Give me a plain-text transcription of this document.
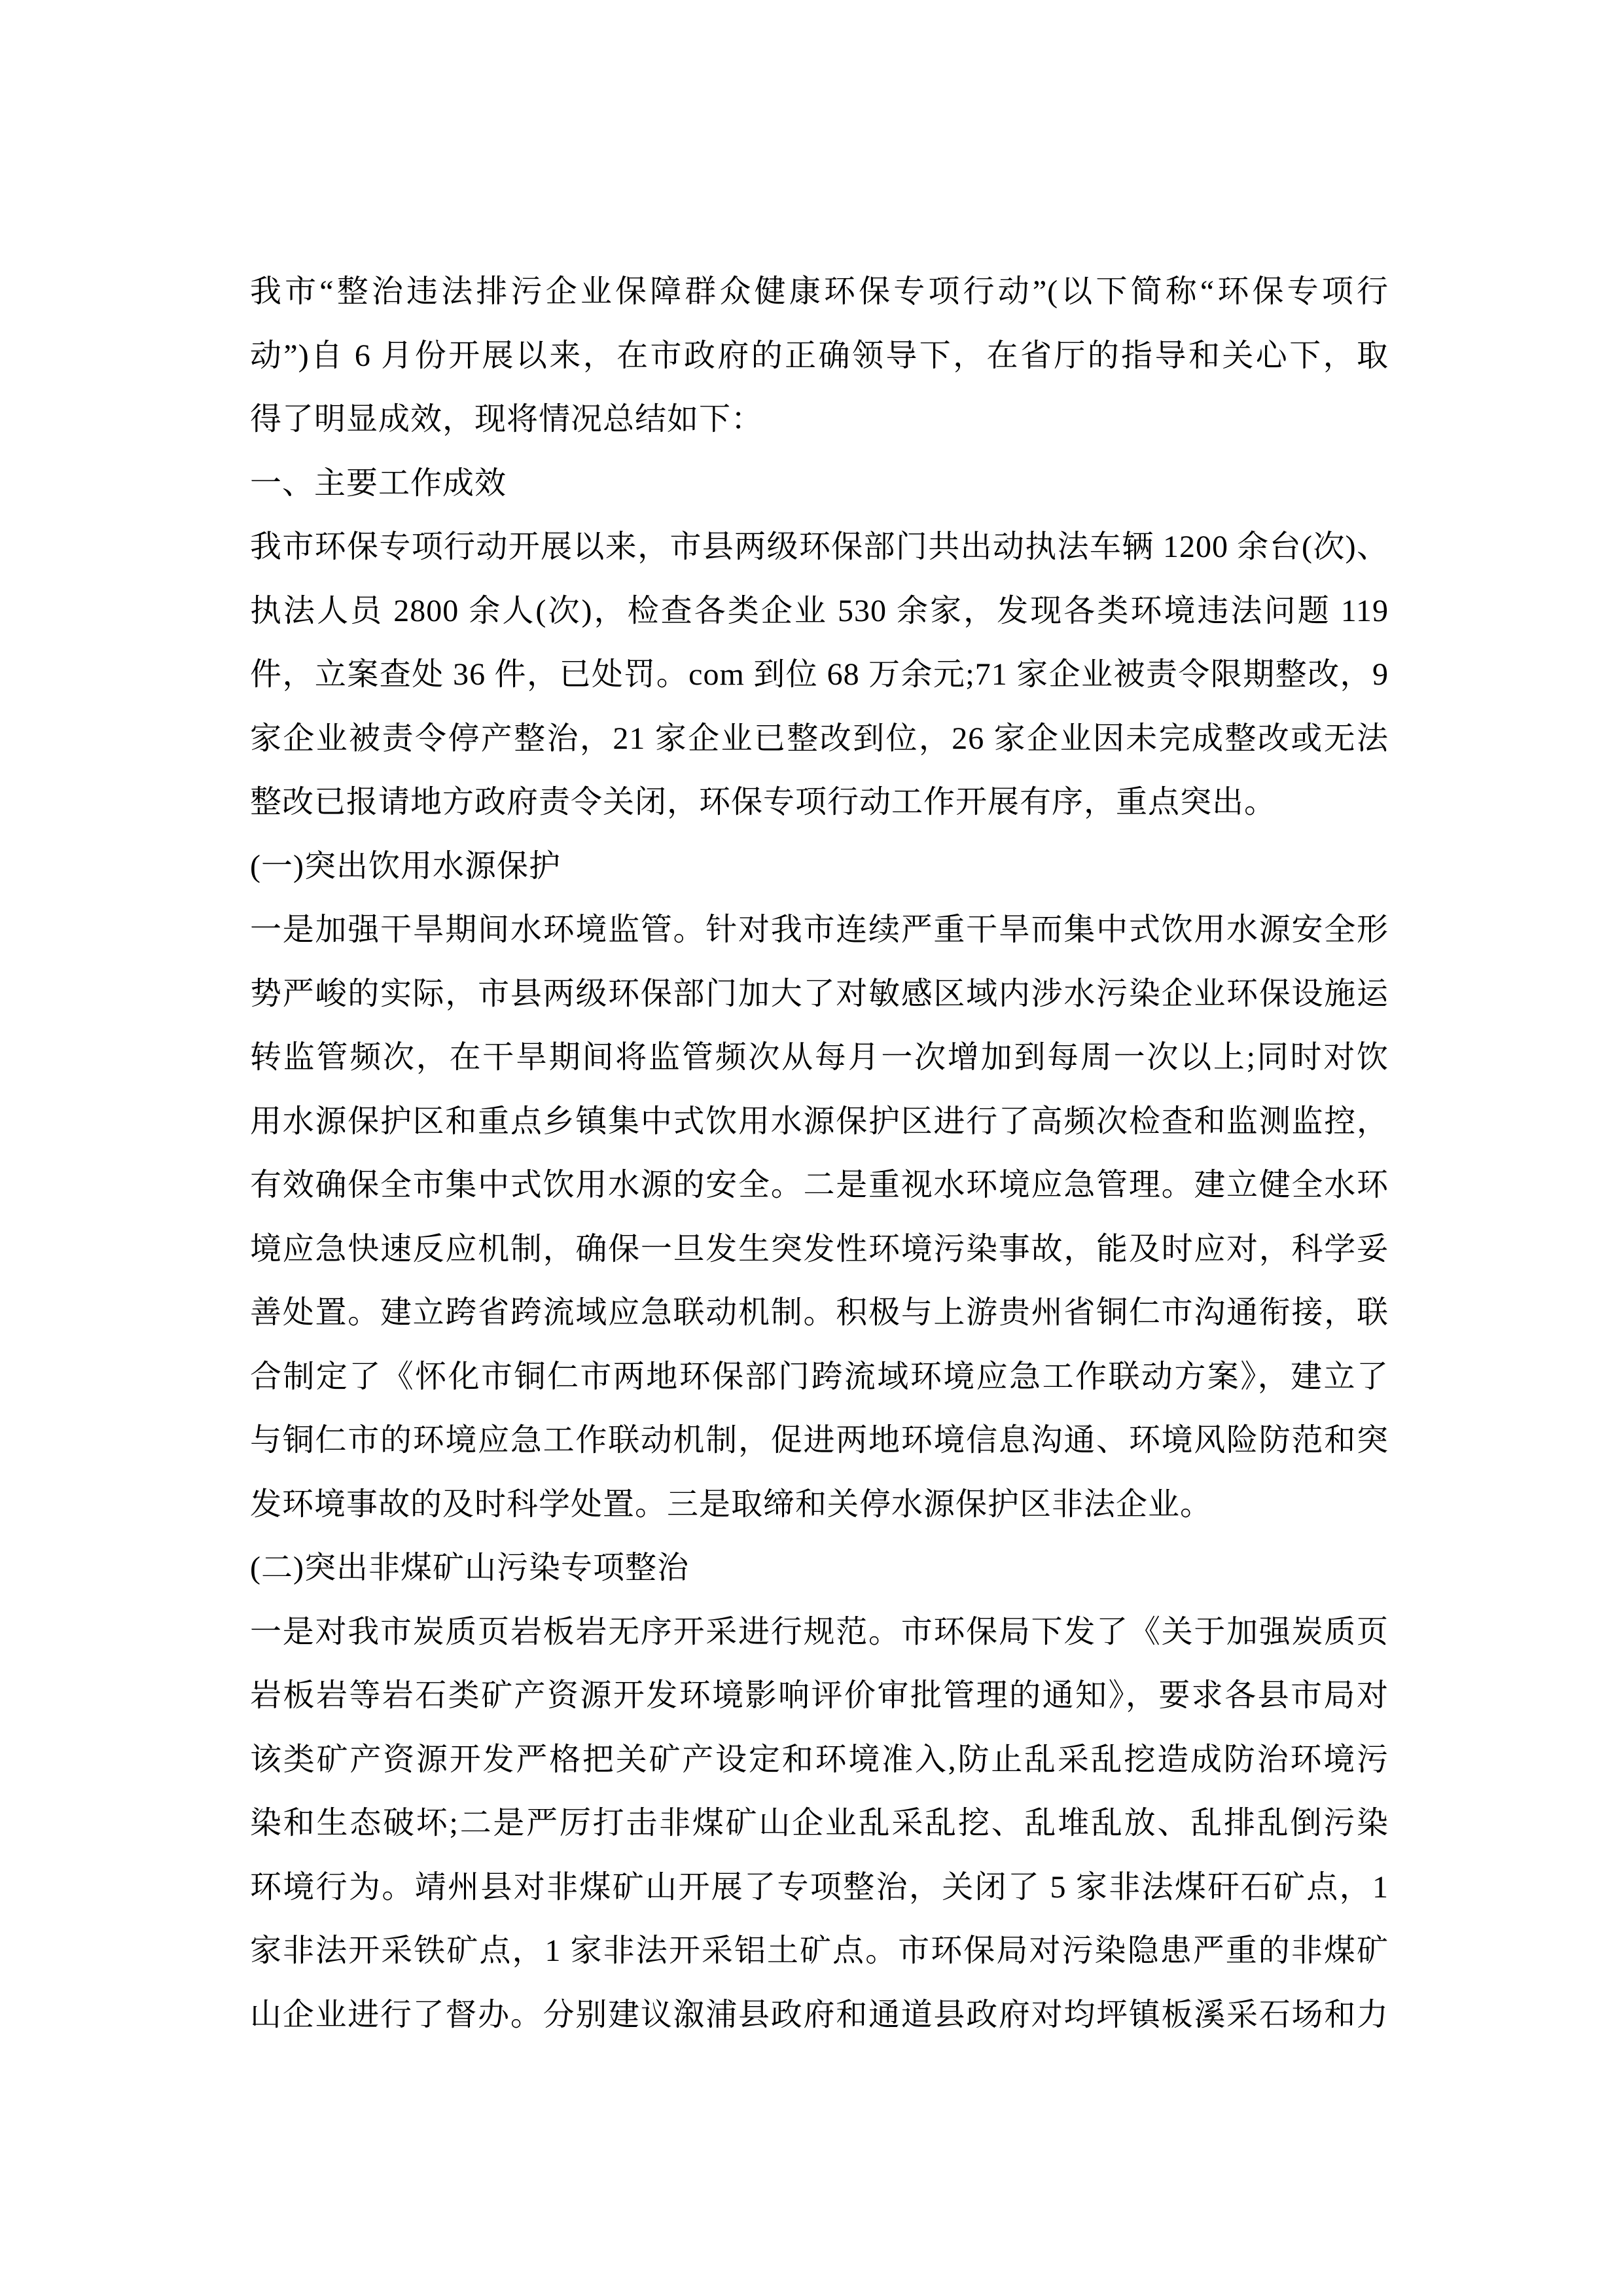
我市“整治违法排污企业保障群众健康环保专项行动”(以下简称“环保专项行
动”)自 6 月份开展以来，在市政府的正确领导下，在省厅的指导和关心下，取
得了明显成效，现将情况总结如下：
一、主要工作成效
我市环保专项行动开展以来，市县两级环保部门共出动执法车辆 1200 余台(次)、
执法人员 2800 余人(次)，检查各类企业 530 余家，发现各类环境违法问题 119
件，立案查处 36 件，已处罚。com 到位 68 万余元;71 家企业被责令限期整改，9
家企业被责令停产整治，21 家企业已整改到位，26 家企业因未完成整改或无法
整改已报请地方政府责令关闭，环保专项行动工作开展有序，重点突出。
(一)突出饮用水源保护
一是加强干旱期间水环境监管。针对我市连续严重干旱而集中式饮用水源安全形
势严峻的实际，市县两级环保部门加大了对敏感区域内涉水污染企业环保设施运
转监管频次，在干旱期间将监管频次从每月一次增加到每周一次以上;同时对饮
用水源保护区和重点乡镇集中式饮用水源保护区进行了高频次检查和监测监控，
有效确保全市集中式饮用水源的安全。二是重视水环境应急管理。建立健全水环
境应急快速反应机制，确保一旦发生突发性环境污染事故，能及时应对，科学妥
善处置。建立跨省跨流域应急联动机制。积极与上游贵州省铜仁市沟通衔接，联
合制定了《怀化市铜仁市两地环保部门跨流域环境应急工作联动方案》，建立了
与铜仁市的环境应急工作联动机制，促进两地环境信息沟通、环境风险防范和突
发环境事故的及时科学处置。三是取缔和关停水源保护区非法企业。
(二)突出非煤矿山污染专项整治
一是对我市炭质页岩板岩无序开采进行规范。市环保局下发了《关于加强炭质页
岩板岩等岩石类矿产资源开发环境影响评价审批管理的通知》，要求各县市局对
该类矿产资源开发严格把关矿产设定和环境准入,防止乱采乱挖造成防治环境污
染和生态破坏;二是严厉打击非煤矿山企业乱采乱挖、乱堆乱放、乱排乱倒污染
环境行为。靖州县对非煤矿山开展了专项整治，关闭了 5 家非法煤矸石矿点，1
家非法开采铁矿点，1 家非法开采铝土矿点。市环保局对污染隐患严重的非煤矿
山企业进行了督办。分别建议溆浦县政府和通道县政府对均坪镇板溪采石场和力
